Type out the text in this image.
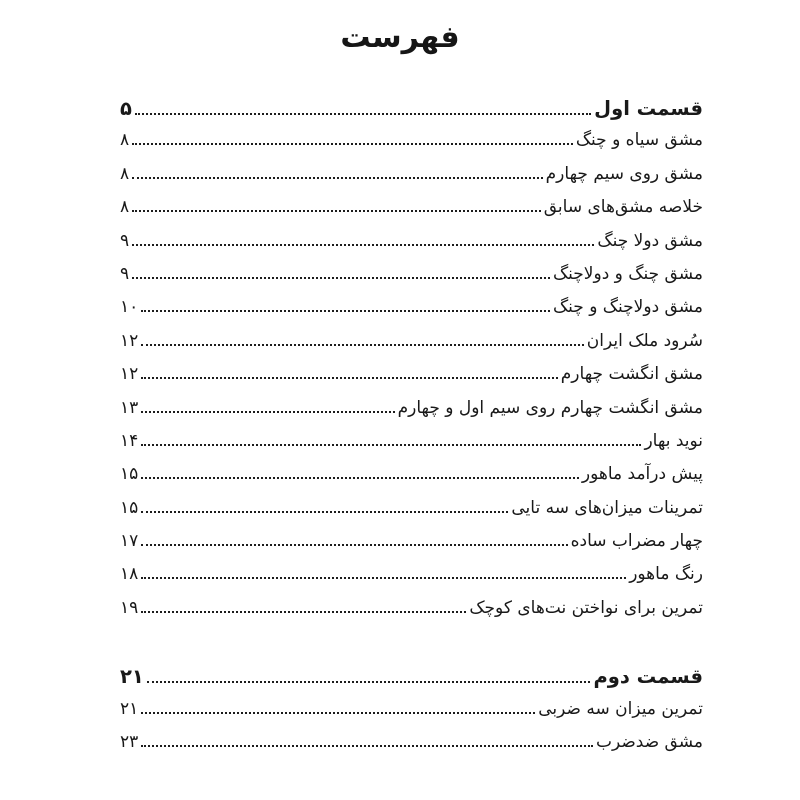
فهرست
قسمت اول
۵
مشق سیاه و چنگ
۸
مشق روی سیم چهارم
۸
خلاصه مشق‌های سابق
۸
مشق دولا چنگ
۹
مشق چنگ و دولاچنگ
۹
مشق دولاچنگ و چنگ
۱۰
سُرود ملک ایران
۱۲
مشق انگشت چهارم
۱۲
مشق انگشت چهارم روی سیم اول و چهارم
۱۳
نوید بهار
۱۴
پیش درآمد ماهور
۱۵
تمرینات میزان‌های سه تایی
۱۵
چهار مضراب ساده
۱۷
رنگ ماهور
۱۸
تمرین برای نواختن نت‌های کوچک
۱۹
قسمت دوم
۲۱
تمرین میزان سه ضربی
۲۱
مشق ضدضرب
۲۳
